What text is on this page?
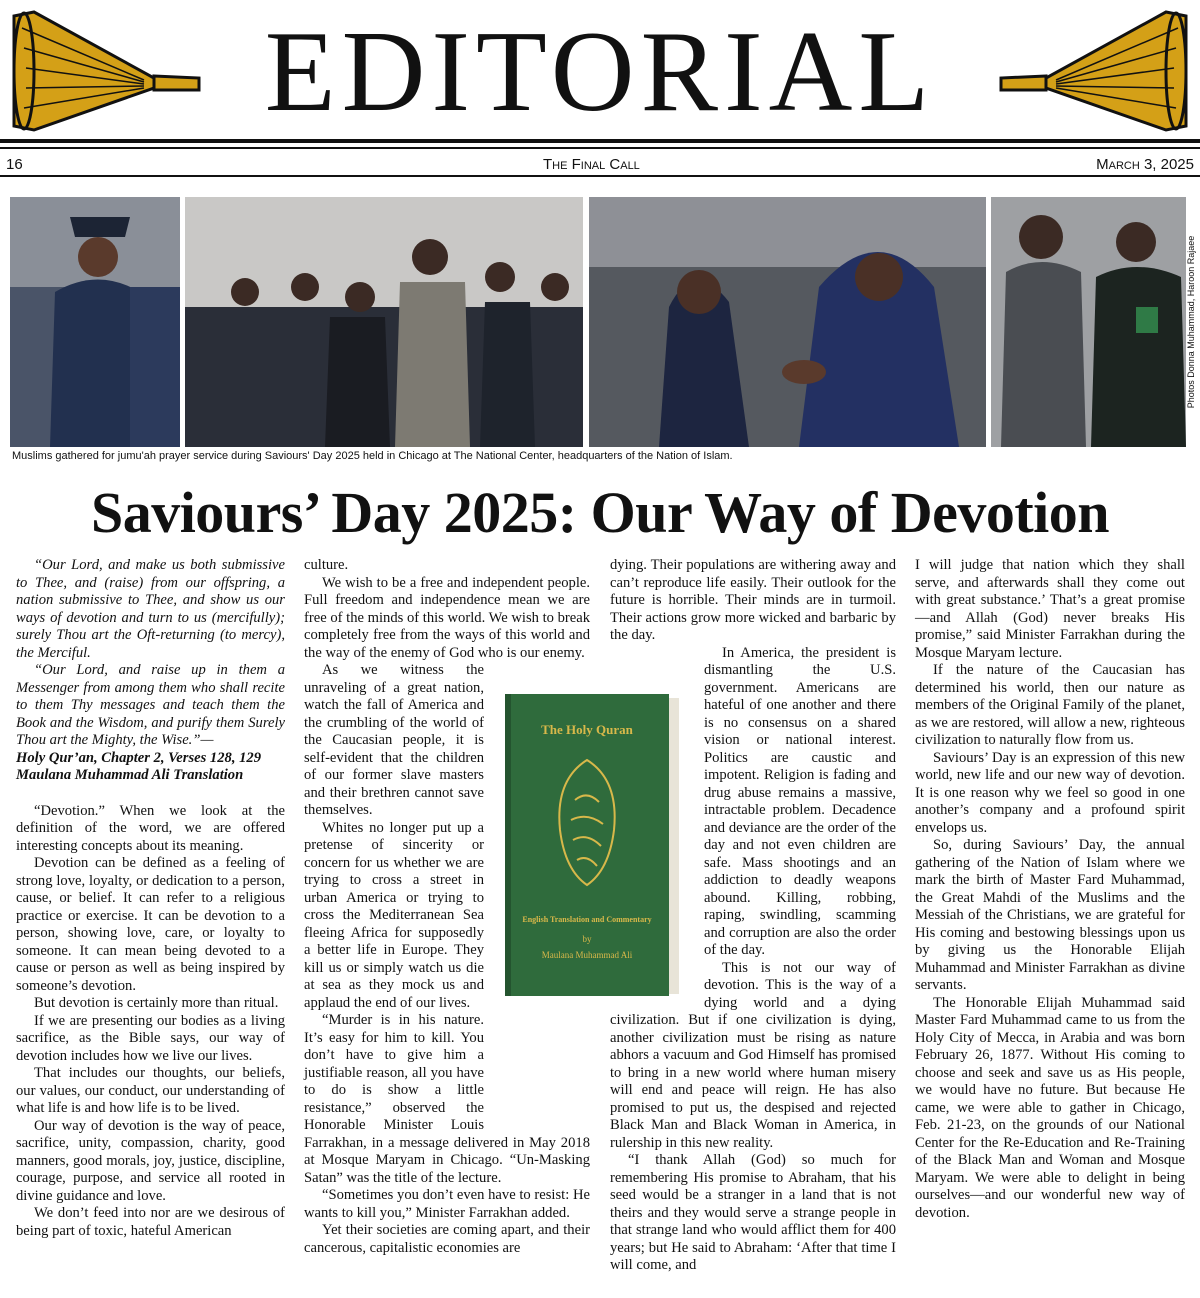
EDITORIAL
16	The Final Call	March 3, 2025
Photos Donna Muhammad, Haroon Rajaee
Muslims gathered for jumu'ah prayer service during Saviours' Day 2025 held in Chicago at The National Center, headquarters of the Nation of Islam.
Saviours’ Day 2025: Our Way of Devotion

“Our Lord, and make us both submissive to Thee, and (raise) from our offspring, a nation submissive to Thee, and show us our ways of devotion and turn to us (mercifully); surely Thou art the Oft-returning (to mercy), the Merciful.

“Our Lord, and raise up in them a Messenger from among them who shall recite to them Thy messages and teach them the Book and the Wisdom, and purify them Surely Thou art the Mighty, the Wise.”—

Holy Qur’an, Chapter 2, Verses 128, 129 Maulana Muhammad Ali Translation

“Devotion.” When we look at the definition of the word, we are offered interesting concepts about its meaning.

Devotion can be defined as a feeling of strong love, loyalty, or dedication to a person, cause, or belief. It can refer to a religious practice or exercise. It can be devotion to a person, showing love, care, or loyalty to someone. It can mean being devoted to a cause or person as well as being inspired by someone’s devotion.

But devotion is certainly more than ritual.

If we are presenting our bodies as a living sacrifice, as the Bible says, our way of devotion includes how we live our lives.

That includes our thoughts, our beliefs, our values, our conduct, our understanding of what life is and how life is to be lived.

Our way of devotion is the way of peace, sacrifice, unity, compassion, charity, good manners, good morals, joy, justice, discipline, courage, purpose, and service all rooted in divine guidance and love.

We don’t feed into nor are we desirous of being part of toxic, hateful American

culture.

We wish to be a free and independent people. Full freedom and independence mean we are free of the minds of this world. We wish to break completely free from the ways of this world and the way of the enemy of God who is our enemy.

As we witness the unraveling of a great nation, watch the fall of America and the crumbling of the world of the Caucasian people, it is self-evident that the children of our former slave masters and their brethren cannot save themselves.

Whites no longer put up a pretense of sincerity or concern for us whether we are trying to cross a street in urban America or trying to cross the Mediterranean Sea fleeing Africa for supposedly a better life in Europe. They kill us or simply watch us die at sea as they mock us and applaud the end of our lives.

“Murder is in his nature. It’s easy for him to kill. You don’t have to give him a justifiable reason, all you have to do is show a little resistance,” observed the Honorable Minister Louis Farrakhan, in a message delivered in May 2018 at Mosque Maryam in Chicago. “Un-Masking Satan” was the title of the lecture.

“Sometimes you don’t even have to resist: He wants to kill you,” Minister Farrakhan added.

Yet their societies are coming apart, and their cancerous, capitalistic economies are

dying. Their populations are withering away and can’t reproduce life easily. Their outlook for the future is horrible. Their minds are in turmoil. Their actions grow more wicked and barbaric by the day.

In America, the president is dismantling the U.S. government. Americans are hateful of one another and there is no consensus on a shared vision or national interest. Politics are caustic and impotent. Religion is fading and drug abuse remains a massive, intractable problem. Decadence and deviance are the order of the day and not even children are safe. Mass shootings and an addiction to deadly weapons abound. Killing, robbing, raping, swindling, scamming and corruption are also the order of the day.

This is not our way of devotion. This is the way of a dying world and a dying civilization. But if one civilization is dying, another civilization must be rising as nature abhors a vacuum and God Himself has promised to bring in a new world where human misery will end and peace will reign. He has also promised to put us, the despised and rejected Black Man and Black Woman in America, in rulership in this new reality.

“I thank Allah (God) so much for remembering His promise to Abraham, that his seed would be a stranger in a land that is not theirs and they would serve a strange people in that strange land who would afflict them for 400 years; but He said to Abraham: ‘After that time I will come, and

I will judge that nation which they shall serve, and afterwards shall they come out with great substance.’ That’s a great promise—and Allah (God) never breaks His promise,” said Minister Farrakhan during the Mosque Maryam lecture.

If the nature of the Caucasian has determined his world, then our nature as members of the Original Family of the planet, as we are restored, will allow a new, righteous civilization to naturally flow from us.

Saviours’ Day is an expression of this new world, new life and our new way of devotion. It is one reason why we feel so good in one another’s company and a profound spirit envelops us.

So, during Saviours’ Day, the annual gathering of the Nation of Islam where we mark the birth of Master Fard Muhammad, the Great Mahdi of the Muslims and the Messiah of the Christians, we are grateful for His coming and bestowing blessings upon us by giving us the Honorable Elijah Muhammad and Minister Farrakhan as divine servants.

The Honorable Elijah Muhammad said Master Fard Muhammad came to us from the Holy City of Mecca, in Arabia and was born February 26, 1877. Without His coming to choose and seek and save us as His people, we would have no future. But because He came, we were able to gather in Chicago, Feb. 21-23, on the grounds of our National Center for the Re-Education and Re-Training of the Black Man and Woman and Mosque Maryam. We were able to delight in being ourselves—and our wonderful new way of devotion.

The Holy Quran
English Translation and Commentary
by
Maulana Muhammad Ali
